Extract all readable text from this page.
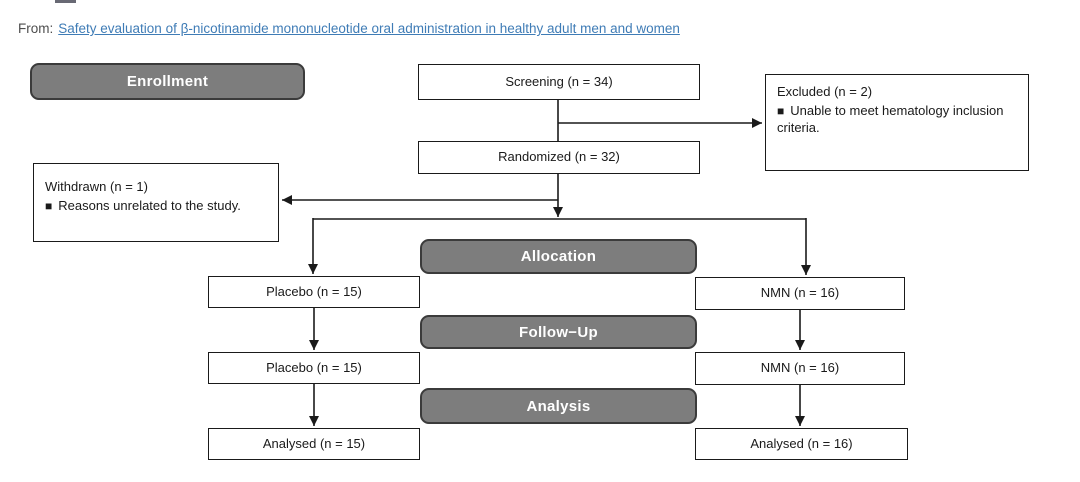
From: Safety evaluation of β-nicotinamide mononucleotide oral administration in healthy adult men and women
Enrollment	Screening (n = 34)
Excluded (n = 2)
■ Unable to meet hematology inclusion criteria.
Randomized (n = 32)
Withdrawn (n = 1)
■ Reasons unrelated to the study.
Allocation
Placebo (n = 15)	NMN (n = 16)
Follow−Up
Placebo (n = 15)	NMN (n = 16)
Analysis
Analysed (n = 15)	Analysed (n = 16)
